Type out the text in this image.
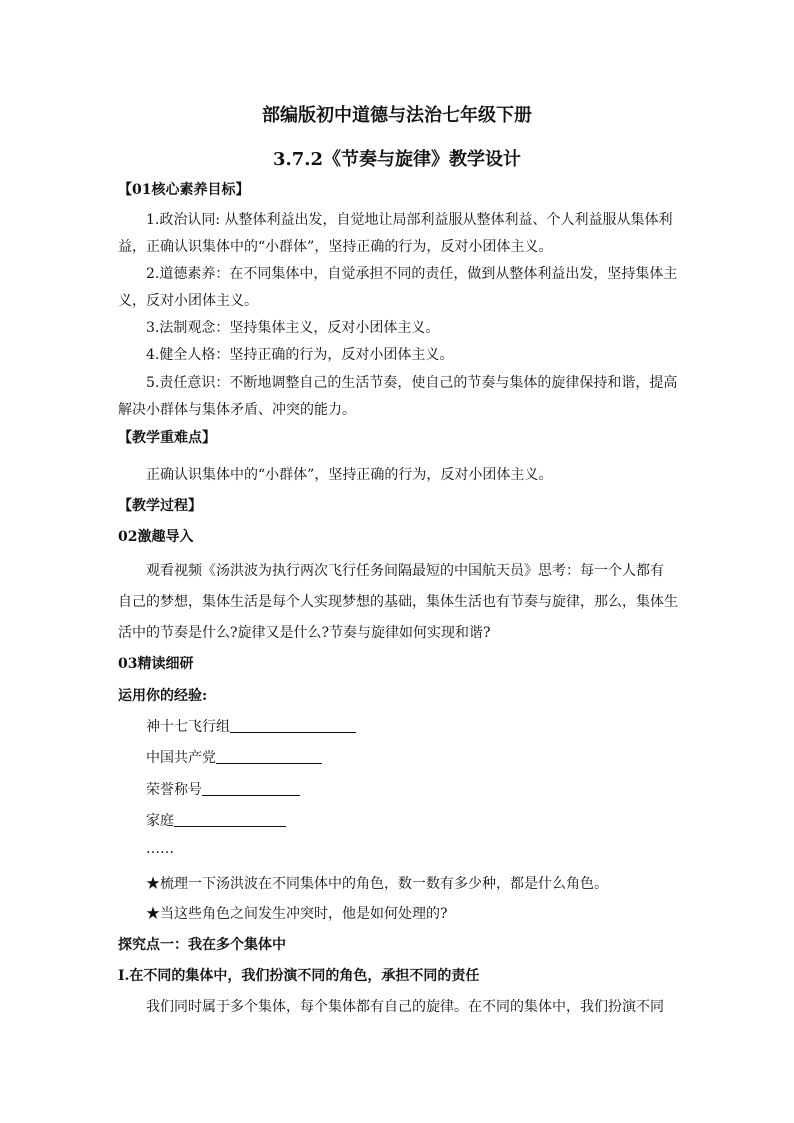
部编版初中道德与法治七年级下册
3.7.2《节奏与旋律》教学设计
【01核心素养目标】
1.政治认同: 从整体利益出发，自觉地让局部利益服从整体利益、个人利益服从集体利
益，正确认识集体中的“小群体”，坚持正确的行为，反对小团体主义。
2.道德素养：在不同集体中，自觉承担不同的责任，做到从整体利益出发，坚持集体主
义，反对小团体主义。
3.法制观念：坚持集体主义，反对小团体主义。
4.健全人格：坚持正确的行为，反对小团体主义。
5.责任意识：不断地调整自己的生活节奏，使自己的节奏与集体的旋律保持和谐，提高
解决小群体与集体矛盾、冲突的能力。
【教学重难点】
正确认识集体中的“小群体”，坚持正确的行为，反对小团体主义。
【教学过程】
02激趣导入
观看视频《汤洪波为执行两次飞行任务间隔最短的中国航天员》思考：每一个人都有
自己的梦想，集体生活是每个人实现梦想的基础，集体生活也有节奏与旋律，那么，集体生
活中的节奏是什么?旋律又是什么?节奏与旋律如何实现和谐?
03精读细研
运用你的经验:
神十七飞行组
中国共产党
荣誉称号
家庭
……
★梳理一下汤洪波在不同集体中的角色，数一数有多少种，都是什么角色。
★当这些角色之间发生冲突时，他是如何处理的?
探究点一：我在多个集体中
Ⅰ.在不同的集体中，我们扮演不同的角色，承担不同的责任
我们同时属于多个集体，每个集体都有自己的旋律。在不同的集体中，我们扮演不同
